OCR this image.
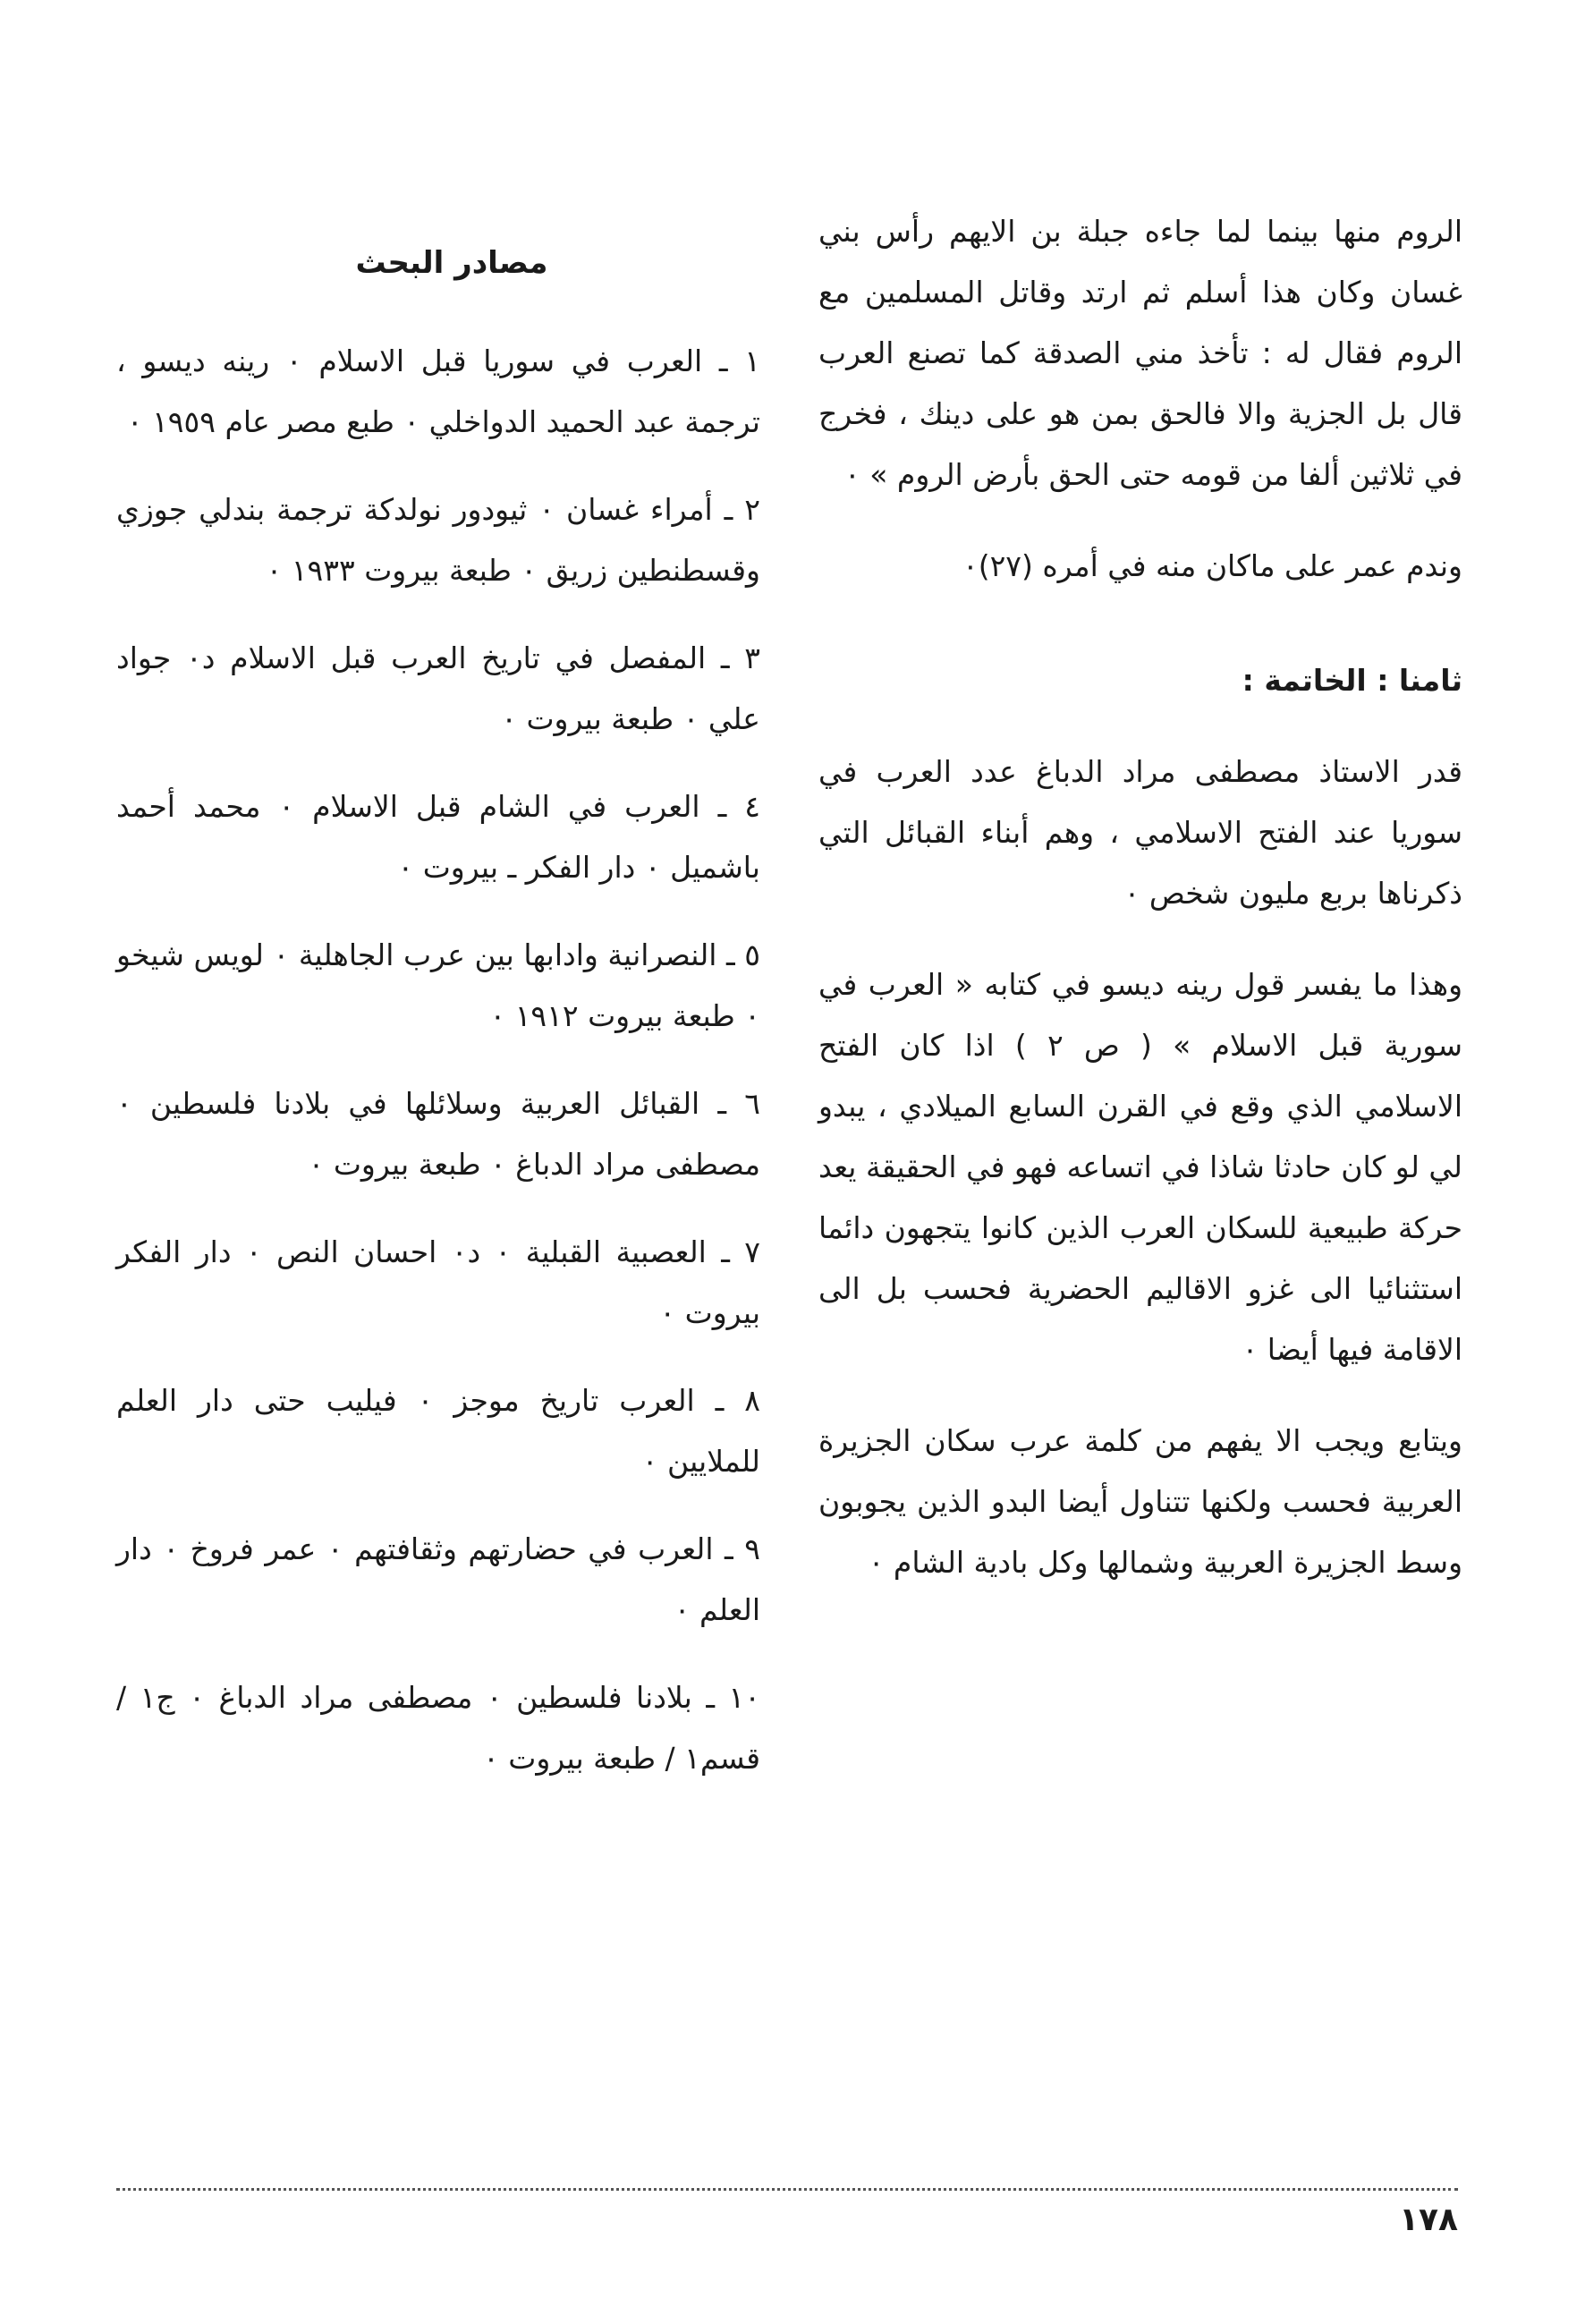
الروم منها بينما لما جاءه جبلة بن الايهم رأس بني غسان وكان هذا أسلم ثم ارتد وقاتل المسلمين مع الروم فقال له : تأخذ مني الصدقة كما تصنع العرب قال بل الجزية والا فالحق بمن هو على دينك ، فخرج في ثلاثين ألفا من قومه حتى الحق بأرض الروم » ٠

وندم عمر على ماكان منه في أمره (٢٧)٠

ثامنا : الخاتمة :

قدر الاستاذ مصطفى مراد الدباغ عدد العرب في سوريا عند الفتح الاسلامي ، وهم أبناء القبائل التي ذكرناها بربع مليون شخص ٠

وهذا ما يفسر قول رينه ديسو في كتابه « العرب في سورية قبل الاسلام » ( ص ٢ ) اذا كان الفتح الاسلامي الذي وقع في القرن السابع الميلادي ، يبدو لي لو كان حادثا شاذا في اتساعه فهو في الحقيقة يعد حركة طبيعية للسكان العرب الذين كانوا يتجهون دائما استثنائيا الى غزو الاقاليم الحضرية فحسب بل الى الاقامة فيها أيضا ٠

ويتابع ويجب الا يفهم من كلمة عرب سكان الجزيرة العربية فحسب ولكنها تتناول أيضا البدو الذين يجوبون وسط الجزيرة العربية وشمالها وكل بادية الشام ٠

مصادر البحث

١ ـ العرب في سوريا قبل الاسلام ٠ رينه ديسو ، ترجمة عبد الحميد الدواخلي ٠ طبع مصر عام ١٩٥٩ ٠

٢ ـ أمراء غسان ٠ ثيودور نولدكة ترجمة بندلي جوزي وقسطنطين زريق ٠ طبعة بيروت ١٩٣٣ ٠

٣ ـ المفصل في تاريخ العرب قبل الاسلام د٠ جواد علي ٠ طبعة بيروت ٠

٤ ـ العرب في الشام قبل الاسلام ٠ محمد أحمد باشميل ٠ دار الفكر ـ بيروت ٠

٥ ـ النصرانية وادابها بين عرب الجاهلية ٠ لويس شيخو ٠ طبعة بيروت ١٩١٢ ٠

٦ ـ القبائل العربية وسلائلها في بلادنا فلسطين ٠ مصطفى مراد الدباغ ٠ طبعة بيروت ٠

٧ ـ العصبية القبلية ٠ د٠ احسان النص ٠ دار الفكر بيروت ٠

٨ ـ العرب تاريخ موجز ٠ فيليب حتى دار العلم للملايين ٠

٩ ـ العرب في حضارتهم وثقافتهم ٠ عمر فروخ ٠ دار العلم ٠

١٠ ـ بلادنا فلسطين ٠ مصطفى مراد الدباغ ٠ ج١ / قسم١ / طبعة بيروت ٠

١٧٨
